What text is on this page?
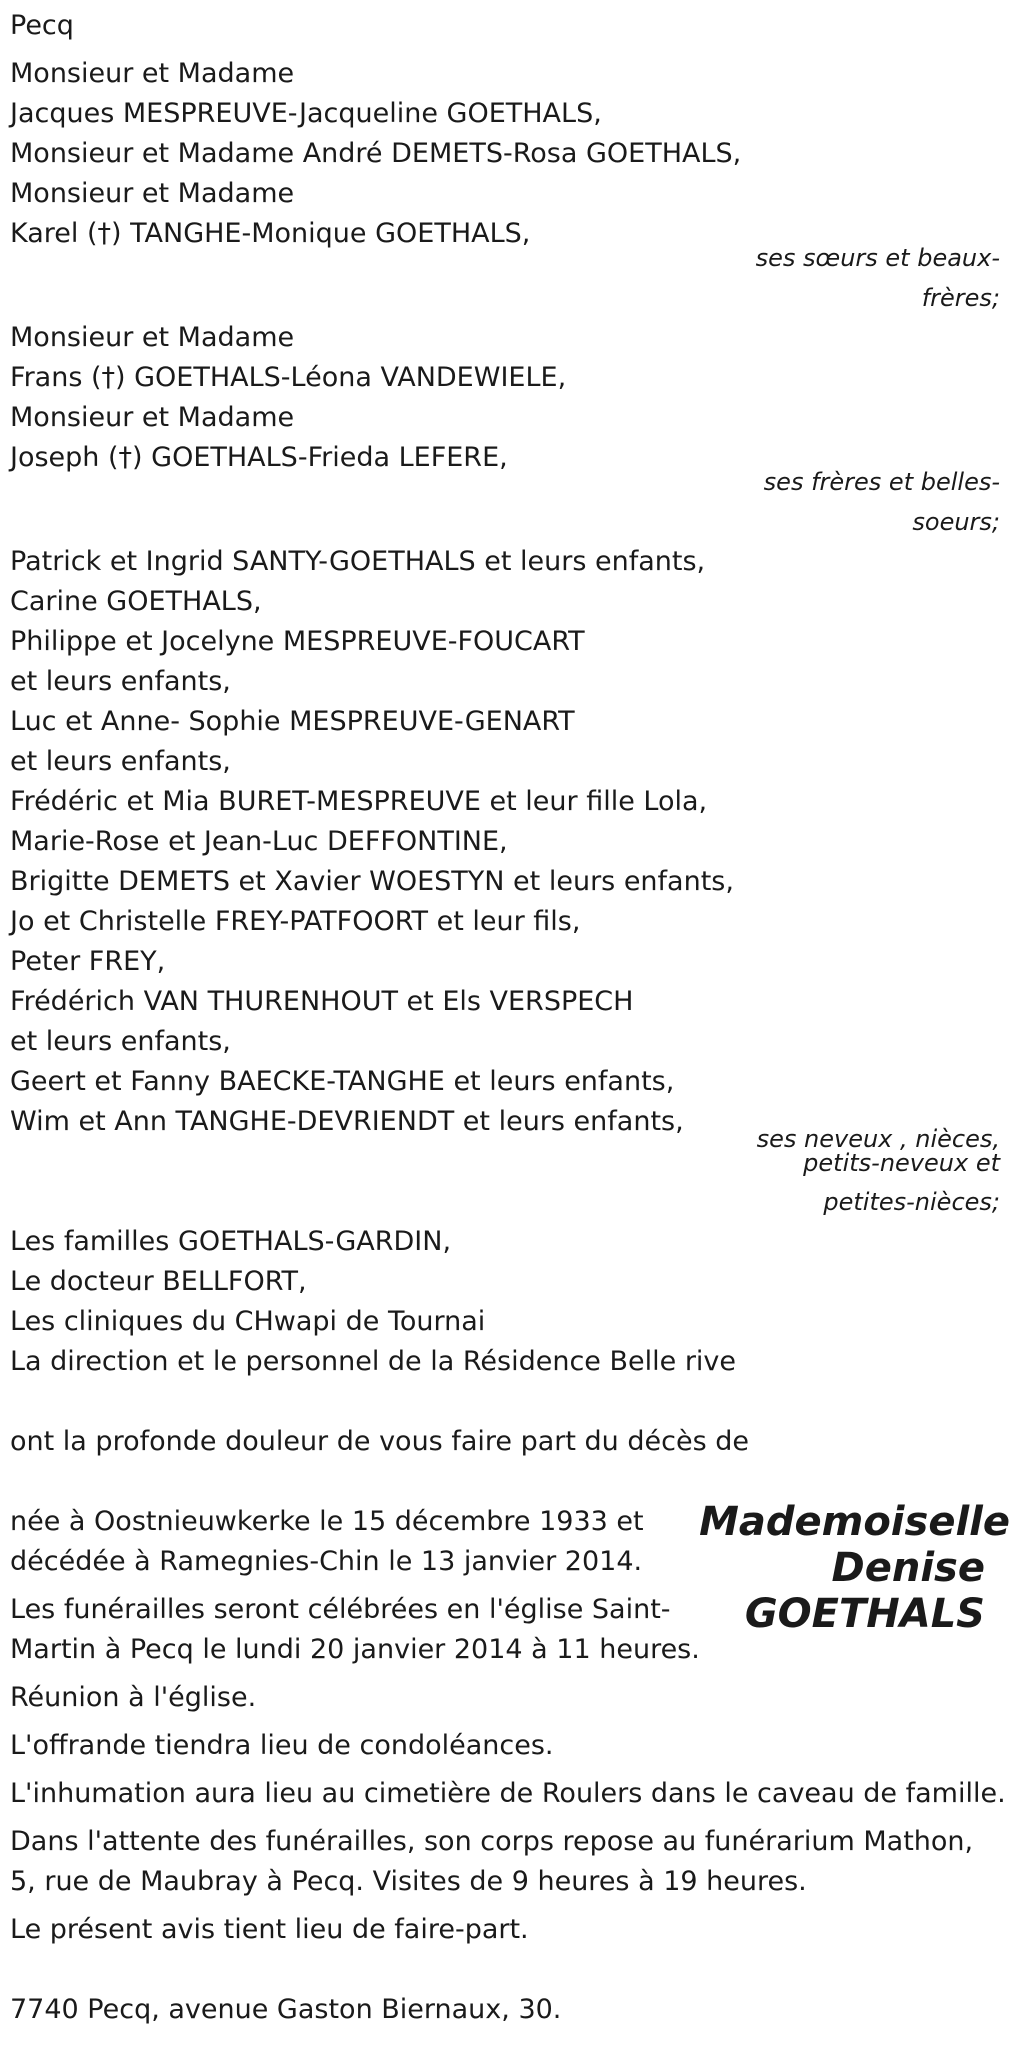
Pecq
Monsieur et Madame
Jacques MESPREUVE-Jacqueline GOETHALS,
Monsieur et Madame André DEMETS-Rosa GOETHALS,
Monsieur et Madame
Karel (†) TANGHE-Monique GOETHALS,
ses sœurs et beaux-
frères;
Monsieur et Madame
Frans (†) GOETHALS-Léona VANDEWIELE,
Monsieur et Madame
Joseph (†) GOETHALS-Frieda LEFERE,
ses frères et belles-
soeurs;
Patrick et Ingrid SANTY-GOETHALS et leurs enfants,
Carine GOETHALS,
Philippe et Jocelyne MESPREUVE-FOUCART
et leurs enfants,
Luc et Anne- Sophie MESPREUVE-GENART
et leurs enfants,
Frédéric et Mia BURET-MESPREUVE et leur fille Lola,
Marie-Rose et Jean-Luc DEFFONTINE,
Brigitte DEMETS et Xavier WOESTYN et leurs enfants,
Jo et Christelle FREY-PATFOORT et leur fils,
Peter FREY,
Frédérich VAN THURENHOUT et Els VERSPECH
et leurs enfants,
Geert et Fanny BAECKE-TANGHE et leurs enfants,
Wim et Ann TANGHE-DEVRIENDT et leurs enfants,
ses neveux , nièces,
petits-neveux et
petites-nièces;
Les familles GOETHALS-GARDIN,
Le docteur BELLFORT,
Les cliniques du CHwapi de Tournai
La direction et le personnel de la Résidence Belle rive
ont la profonde douleur de vous faire part du décès de
Mademoiselle
Denise
GOETHALS
née à Oostnieuwkerke le 15 décembre 1933 et
décédée à Ramegnies-Chin le 13 janvier 2014.
Les funérailles seront célébrées en l'église Saint-
Martin à Pecq le lundi 20 janvier 2014 à 11 heures.
Réunion à l'église.
L'offrande tiendra lieu de condoléances.
L'inhumation aura lieu au cimetière de Roulers dans le caveau de famille.
Dans l'attente des funérailles, son corps repose au funérarium Mathon,
5, rue de Maubray à Pecq. Visites de 9 heures à 19 heures.
Le présent avis tient lieu de faire-part.
7740 Pecq, avenue Gaston Biernaux, 30.
